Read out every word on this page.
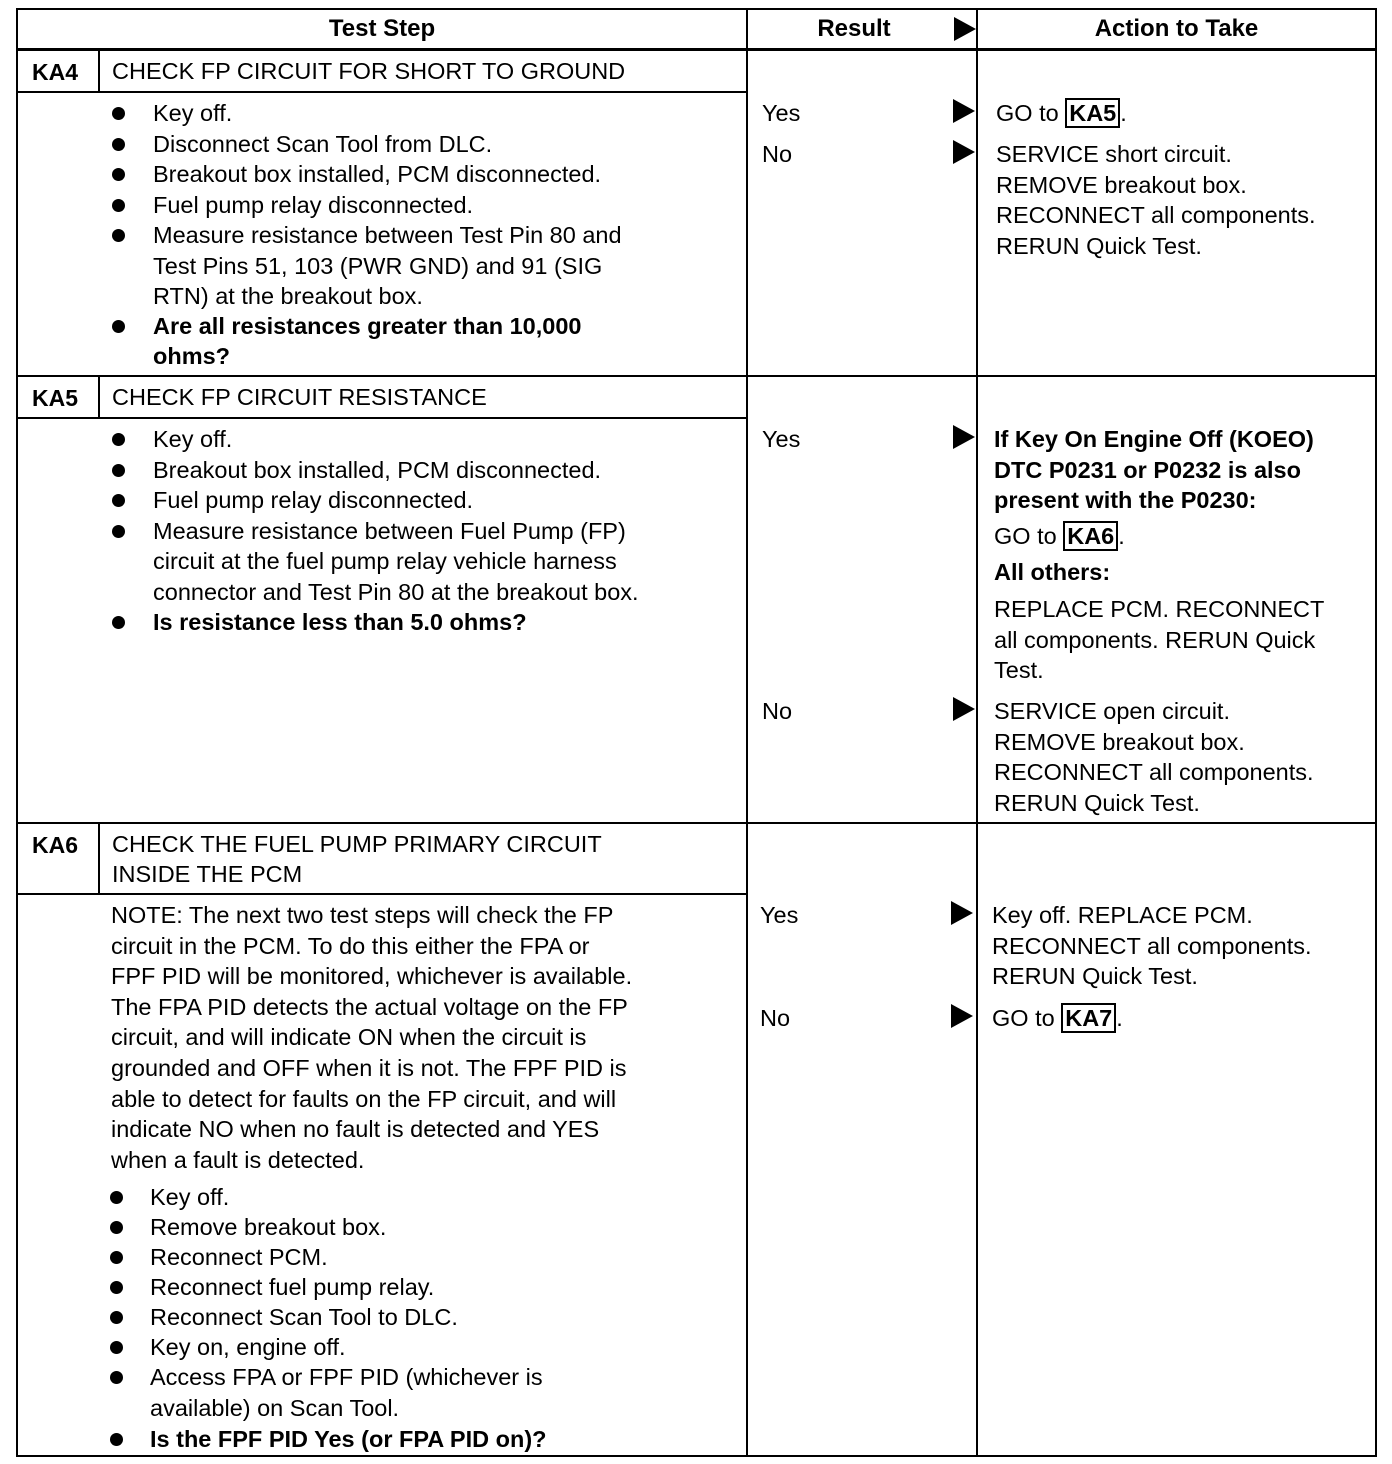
Test Step	Result	Action to Take
KA4 CHECK FP CIRCUIT FOR SHORT TO GROUND
Key off.
Disconnect Scan Tool from DLC.
Breakout box installed, PCM disconnected.
Fuel pump relay disconnected.
Measure resistance between Test Pin 80 and
Test Pins 51, 103 (PWR GND) and 91 (SIG
RTN) at the breakout box.
Are all resistances greater than 10,000
ohms?
Yes
No
GO to KA5 .
SERVICE short circuit.
REMOVE breakout box.
RECONNECT all components.
RERUN Quick Test.
KA5 CHECK FP CIRCUIT RESISTANCE
Key off.
Breakout box installed, PCM disconnected.
Fuel pump relay disconnected.
Measure resistance between Fuel Pump (FP)
circuit at the fuel pump relay vehicle harness
connector and Test Pin 80 at the breakout box.
Is resistance less than 5.0 ohms?
Yes
No
If Key On Engine Off (KOEO)
DTC P0231 or P0232 is also
present with the P0230:
GO to KA6 .
All others:
REPLACE PCM. RECONNECT
all components. RERUN Quick
Test.
SERVICE open circuit.
REMOVE breakout box.
RECONNECT all components.
RERUN Quick Test.
KA6 CHECK THE FUEL PUMP PRIMARY CIRCUIT
INSIDE THE PCM
NOTE: The next two test steps will check the FP
circuit in the PCM. To do this either the FPA or
FPF PID will be monitored, whichever is available.
The FPA PID detects the actual voltage on the FP
circuit, and will indicate ON when the circuit is
grounded and OFF when it is not. The FPF PID is
able to detect for faults on the FP circuit, and will
indicate NO when no fault is detected and YES
when a fault is detected.
Key off.
Remove breakout box.
Reconnect PCM.
Reconnect fuel pump relay.
Reconnect Scan Tool to DLC.
Key on, engine off.
Access FPA or FPF PID (whichever is
available) on Scan Tool.
Is the FPF PID Yes (or FPA PID on)?
Yes
No
Key off. REPLACE PCM.
RECONNECT all components.
RERUN Quick Test.
GO to KA7 .
